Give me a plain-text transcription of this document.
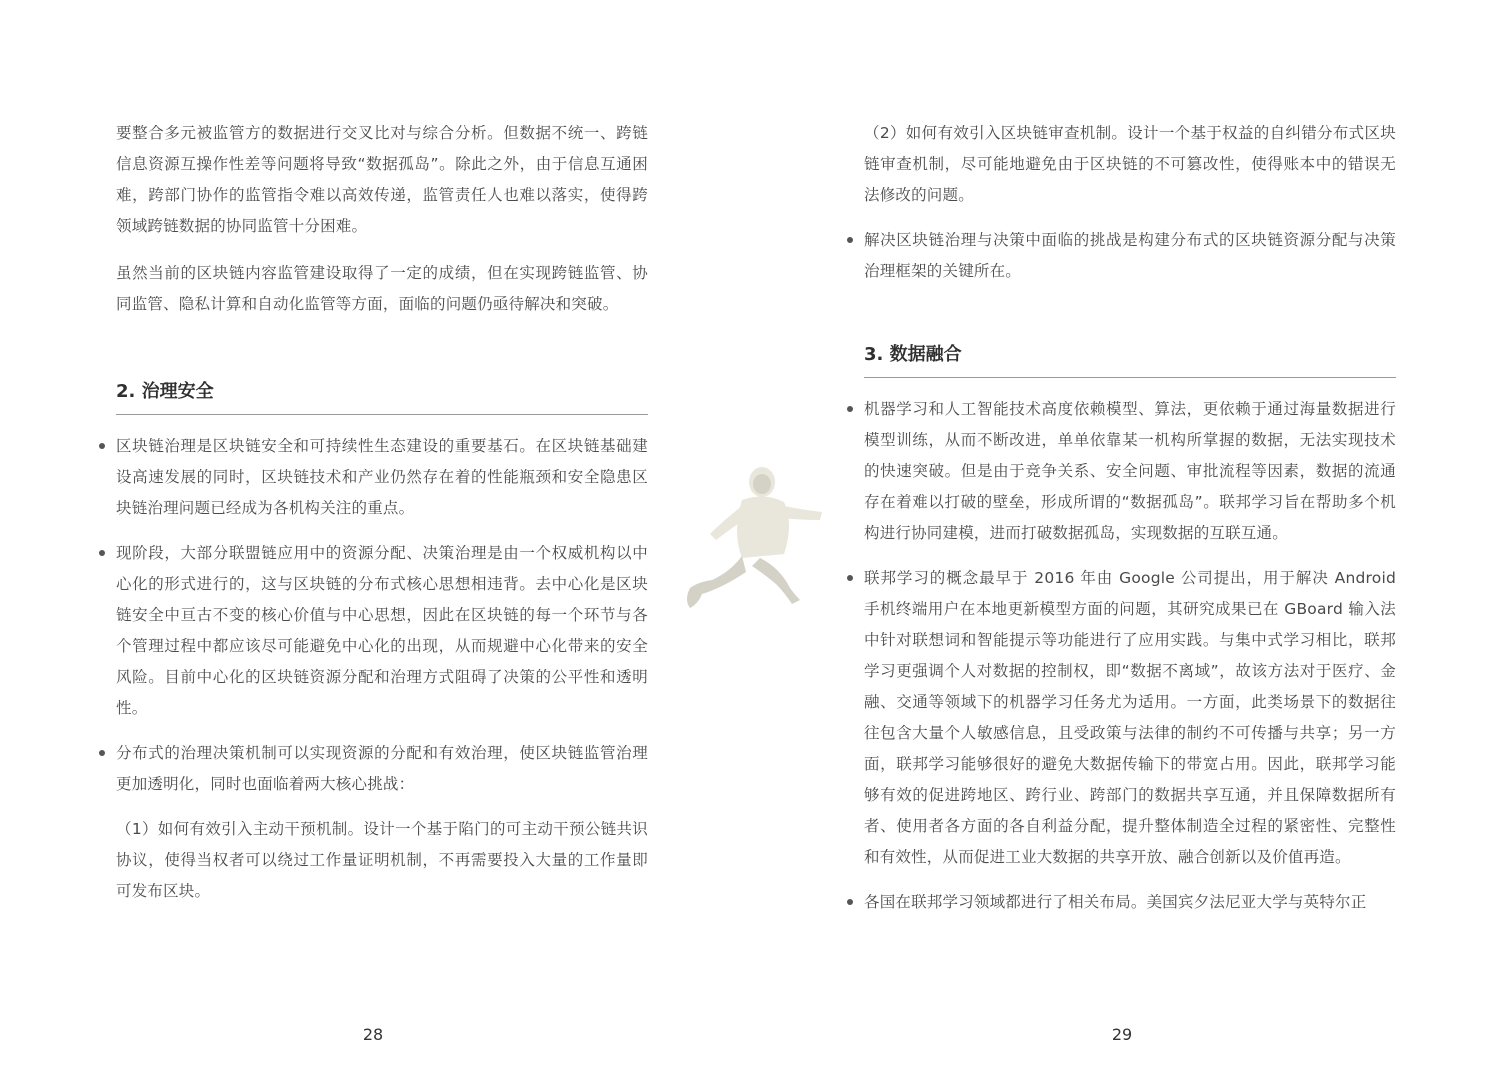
要整合多元被监管方的数据进行交叉比对与综合分析。但数据不统一、跨链信息资源互操作性差等问题将导致“数据孤岛”。除此之外，由于信息互通困难，跨部门协作的监管指令难以高效传递，监管责任人也难以落实，使得跨领域跨链数据的协同监管十分困难。

虽然当前的区块链内容监管建设取得了一定的成绩，但在实现跨链监管、协同监管、隐私计算和自动化监管等方面，面临的问题仍亟待解决和突破。

2. 治理安全

区块链治理是区块链安全和可持续性生态建设的重要基石。在区块链基础建设高速发展的同时，区块链技术和产业仍然存在着的性能瓶颈和安全隐患区块链治理问题已经成为各机构关注的重点。

现阶段，大部分联盟链应用中的资源分配、决策治理是由一个权威机构以中心化的形式进行的，这与区块链的分布式核心思想相违背。去中心化是区块链安全中亘古不变的核心价值与中心思想，因此在区块链的每一个环节与各个管理过程中都应该尽可能避免中心化的出现，从而规避中心化带来的安全风险。目前中心化的区块链资源分配和治理方式阻碍了决策的公平性和透明性。

分布式的治理决策机制可以实现资源的分配和有效治理，使区块链监管治理更加透明化，同时也面临着两大核心挑战：

（1）如何有效引入主动干预机制。设计一个基于陷门的可主动干预公链共识协议，使得当权者可以绕过工作量证明机制，不再需要投入大量的工作量即可发布区块。

28

（2）如何有效引入区块链审查机制。设计一个基于权益的自纠错分布式区块链审查机制，尽可能地避免由于区块链的不可篡改性，使得账本中的错误无法修改的问题。

解决区块链治理与决策中面临的挑战是构建分布式的区块链资源分配与决策治理框架的关键所在。

3. 数据融合

机器学习和人工智能技术高度依赖模型、算法，更依赖于通过海量数据进行模型训练，从而不断改进，单单依靠某一机构所掌握的数据，无法实现技术的快速突破。但是由于竞争关系、安全问题、审批流程等因素，数据的流通存在着难以打破的壁垒，形成所谓的“数据孤岛”。联邦学习旨在帮助多个机构进行协同建模，进而打破数据孤岛，实现数据的互联互通。

联邦学习的概念最早于 2016 年由 Google 公司提出，用于解决 Android 手机终端用户在本地更新模型方面的问题，其研究成果已在 GBoard 输入法中针对联想词和智能提示等功能进行了应用实践。与集中式学习相比，联邦学习更强调个人对数据的控制权，即“数据不离域”，故该方法对于医疗、金融、交通等领域下的机器学习任务尤为适用。一方面，此类场景下的数据往往包含大量个人敏感信息，且受政策与法律的制约不可传播与共享；另一方面，联邦学习能够很好的避免大数据传输下的带宽占用。因此，联邦学习能够有效的促进跨地区、跨行业、跨部门的数据共享互通，并且保障数据所有者、使用者各方面的各自利益分配，提升整体制造全过程的紧密性、完整性和有效性，从而促进工业大数据的共享开放、融合创新以及价值再造。

各国在联邦学习领域都进行了相关布局。美国宾夕法尼亚大学与英特尔正

29
